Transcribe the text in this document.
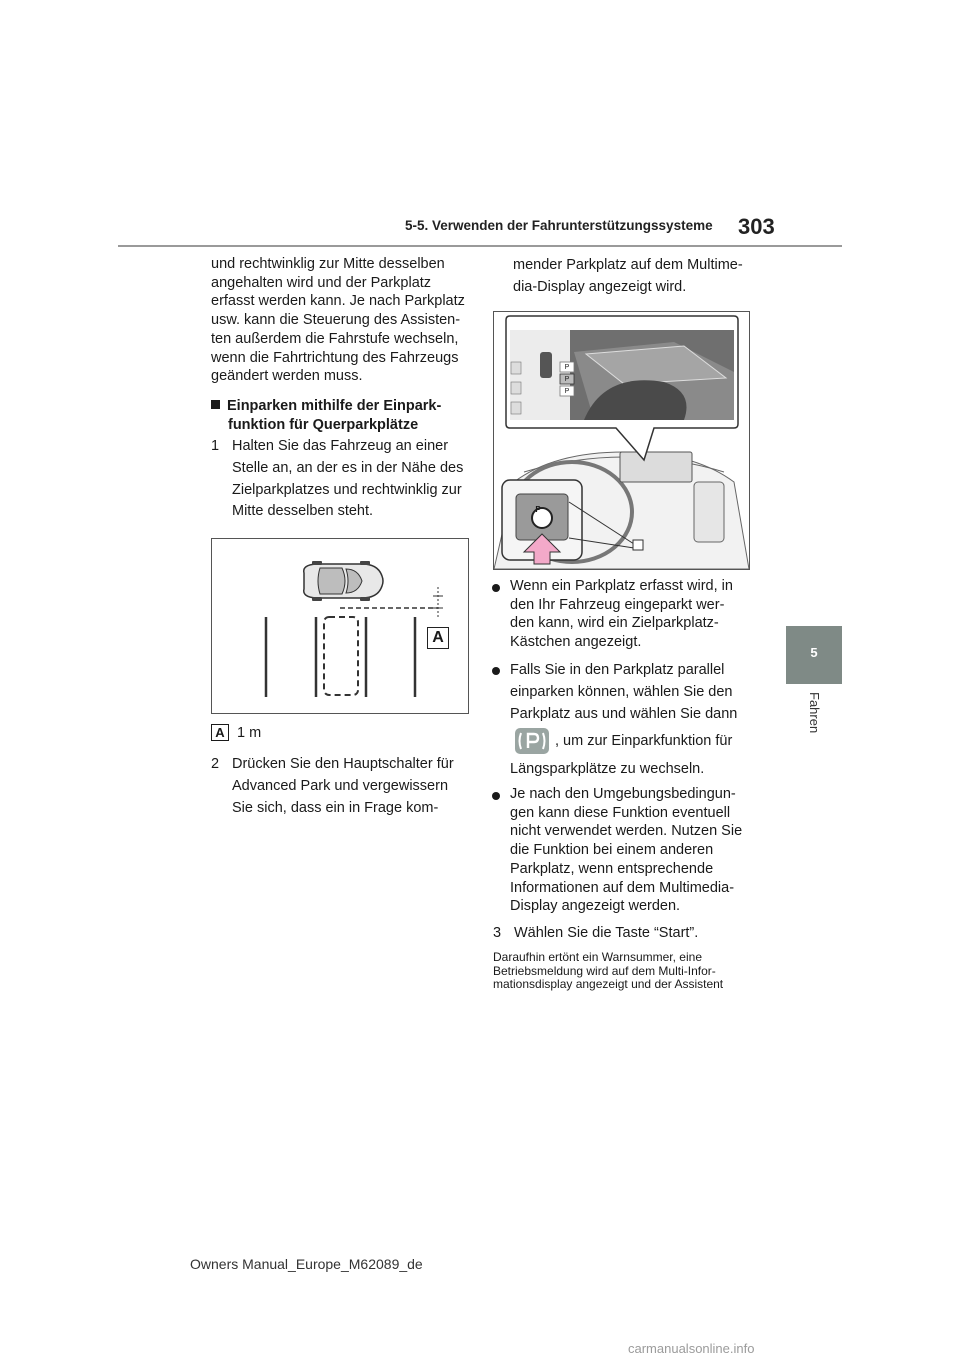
5-5. Verwenden der Fahrunterstützungssysteme 303
5
Fahren
und rechtwinklig zur Mitte desselben
angehalten wird und der Parkplatz
erfasst werden kann. Je nach Parkplatz
usw. kann die Steuerung des Assisten-
ten außerdem die Fahrstufe wechseln,
wenn die Fahrtrichtung des Fahrzeugs
geändert werden muss.
Einparken mithilfe der Einpark-
funktion für Querparkplätze
1 Halten Sie das Fahrzeug an einer
Stelle an, an der es in der Nähe des
Zielparkplatzes und rechtwinklig zur
Mitte desselben steht.
A
A 1 m
2 Drücken Sie den Hauptschalter für
Advanced Park und vergewissern
Sie sich, dass ein in Frage kom-
mender Parkplatz auf dem Multime-
dia-Display angezeigt wird.
P
P
P
P
Wenn ein Parkplatz erfasst wird, in
den Ihr Fahrzeug eingeparkt wer-
den kann, wird ein Zielparkplatz-
Kästchen angezeigt.
Falls Sie in den Parkplatz parallel
einparken können, wählen Sie den
Parkplatz aus und wählen Sie dann
, um zur Einparkfunktion für
Längsparkplätze zu wechseln.
Je nach den Umgebungsbedingun-
gen kann diese Funktion eventuell
nicht verwendet werden. Nutzen Sie
die Funktion bei einem anderen
Parkplatz, wenn entsprechende
Informationen auf dem Multimedia-
Display angezeigt werden.
3 Wählen Sie die Taste “Start”.
Daraufhin ertönt ein Warnsummer, eine
Betriebsmeldung wird auf dem Multi-Infor-
mationsdisplay angezeigt und der Assistent
Owners Manual_Europe_M62089_de
carmanualsonline.info
